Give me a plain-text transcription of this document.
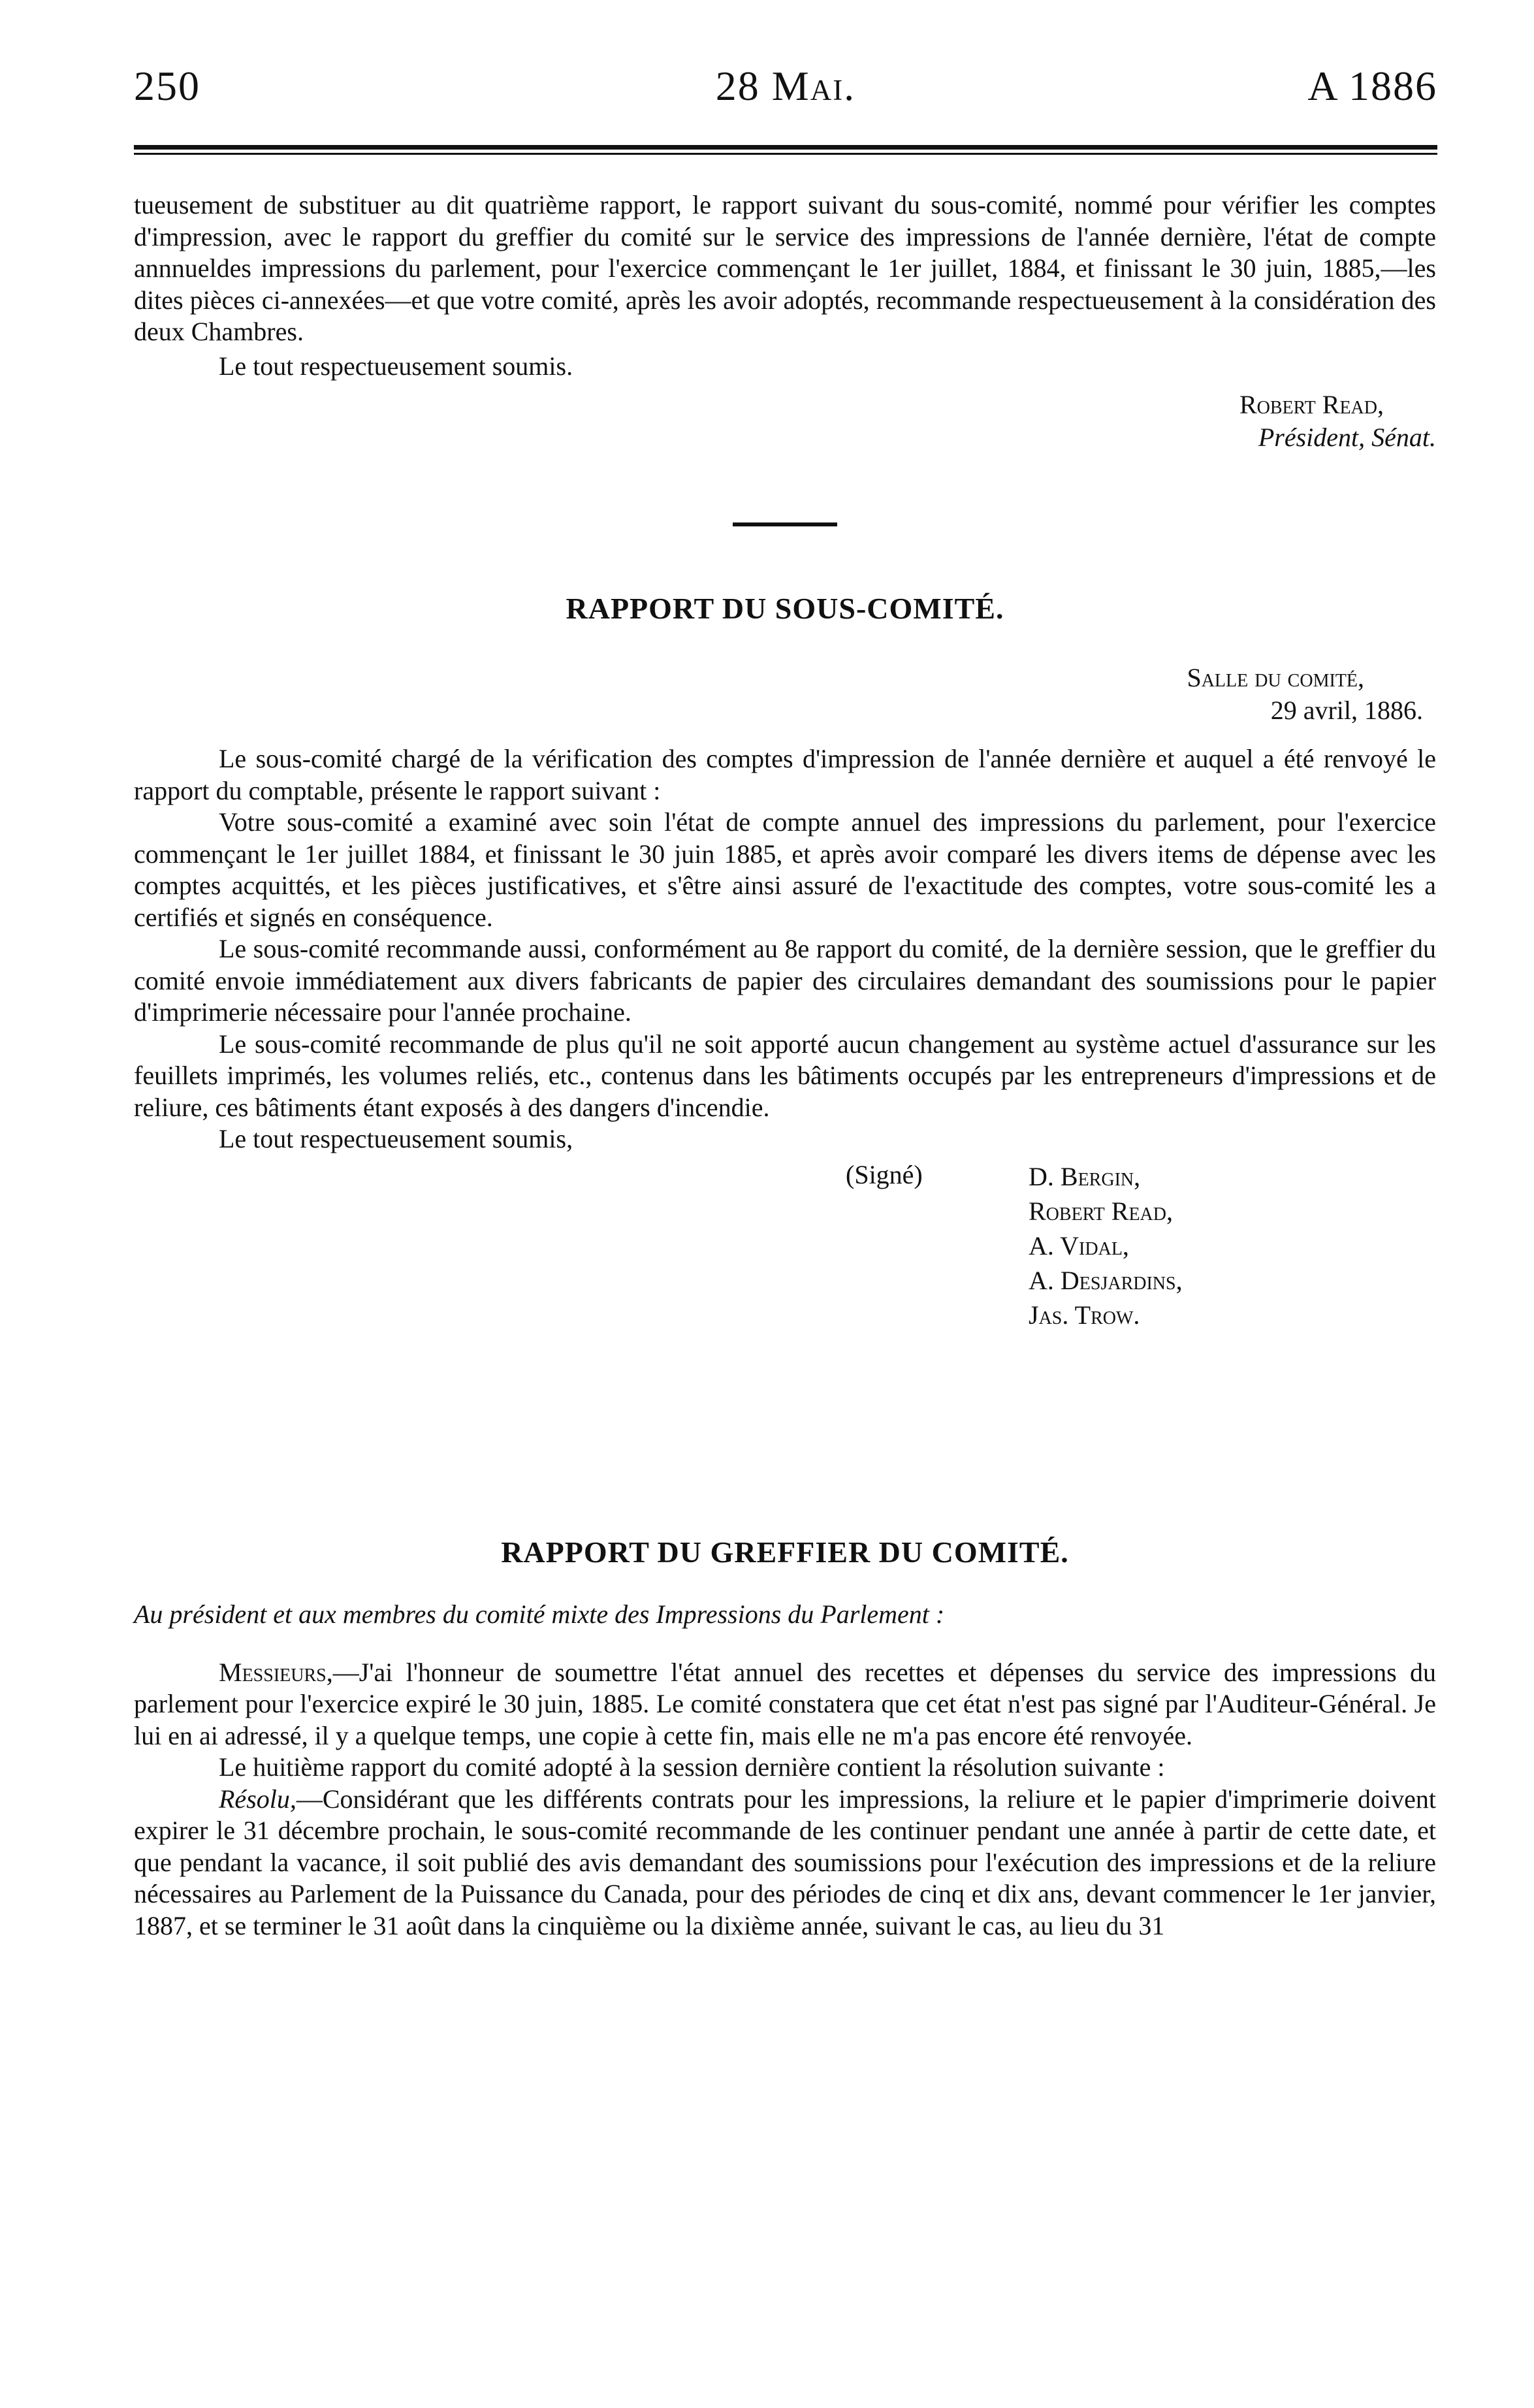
250	28 Mai.	A 1886

tueusement de substituer au dit quatrième rapport, le rapport suivant du sous-comité, nommé pour vérifier les comptes d'impression, avec le rapport du greffier du comité sur le service des impressions de l'année dernière, l'état de compte annnueldes impressions du parlement, pour l'exercice commençant le 1er juillet, 1884, et finissant le 30 juin, 1885,—les dites pièces ci-annexées—et que votre comité, après les avoir adoptés, recommande respectueusement à la considération des deux Chambres.

Le tout respectueusement soumis.

Robert Read,
Président, Sénat.
RAPPORT DU SOUS-COMITÉ.
Salle du comité,
29 avril, 1886.

Le sous-comité chargé de la vérification des comptes d'impression de l'année dernière et auquel a été renvoyé le rapport du comptable, présente le rapport suivant :

Votre sous-comité a examiné avec soin l'état de compte annuel des impressions du parlement, pour l'exercice commençant le 1er juillet 1884, et finissant le 30 juin 1885, et après avoir comparé les divers items de dépense avec les comptes acquittés, et les pièces justificatives, et s'être ainsi assuré de l'exactitude des comptes, votre sous-comité les a certifiés et signés en conséquence.

Le sous-comité recommande aussi, conformément au 8e rapport du comité, de la dernière session, que le greffier du comité envoie immédiatement aux divers fabricants de papier des circulaires demandant des soumissions pour le papier d'imprimerie nécessaire pour l'année prochaine.

Le sous-comité recommande de plus qu'il ne soit apporté aucun changement au système actuel d'assurance sur les feuillets imprimés, les volumes reliés, etc., contenus dans les bâtiments occupés par les entrepreneurs d'impressions et de reliure, ces bâtiments étant exposés à des dangers d'incendie.

Le tout respectueusement soumis,

(Signé)	D. Bergin,
Robert Read,
A. Vidal,
A. Desjardins,
Jas. Trow.
RAPPORT DU GREFFIER DU COMITÉ.

Au président et aux membres du comité mixte des Impressions du Parlement :

Messieurs,—J'ai l'honneur de soumettre l'état annuel des recettes et dépenses du service des impressions du parlement pour l'exercice expiré le 30 juin, 1885. Le comité constatera que cet état n'est pas signé par l'Auditeur-Général. Je lui en ai adressé, il y a quelque temps, une copie à cette fin, mais elle ne m'a pas encore été renvoyée.

Le huitième rapport du comité adopté à la session dernière contient la résolution suivante :

Résolu,—Considérant que les différents contrats pour les impressions, la reliure et le papier d'imprimerie doivent expirer le 31 décembre prochain, le sous-comité recommande de les continuer pendant une année à partir de cette date, et que pendant la vacance, il soit publié des avis demandant des soumissions pour l'exécution des impressions et de la reliure nécessaires au Parlement de la Puissance du Canada, pour des périodes de cinq et dix ans, devant commencer le 1er janvier, 1887, et se terminer le 31 août dans la cinquième ou la dixième année, suivant le cas, au lieu du 31
